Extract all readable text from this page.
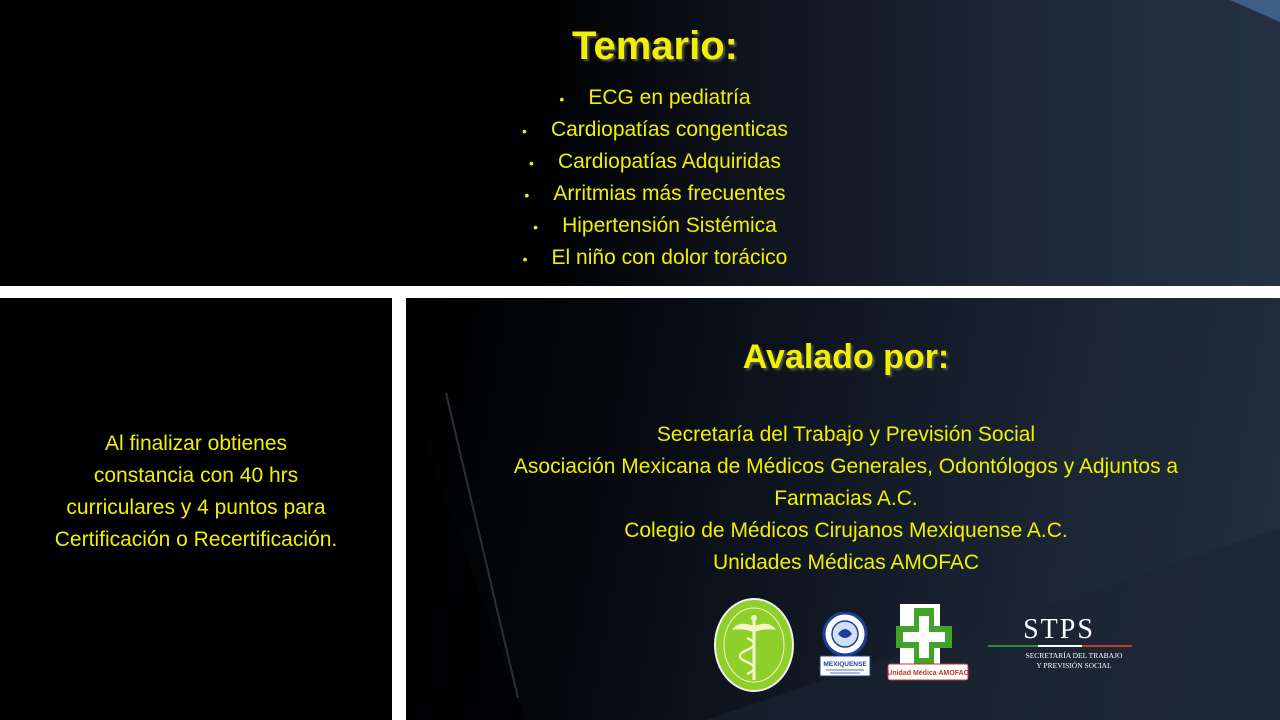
Temario:
• ECG en pediatría
• Cardiopatías congenticas
• Cardiopatías Adquiridas
• Arritmias más frecuentes
• Hipertensión Sistémica
• El niño con dolor torácico
Al finalizar obtienes
constancia con 40 hrs
curriculares y 4 puntos para
Certificación o Recertificación.
Avalado por:
Secretaría del Trabajo y Previsión Social
Asociación Mexicana de Médicos Generales, Odontólogos y Adjuntos a
Farmacias A.C.
Colegio de Médicos Cirujanos Mexiquense A.C.
Unidades Médicas AMOFAC
MEXIQUENSE
Unidad Médica AMOFAC
STPS
SECRETARÍA DEL TRABAJO
Y PREVISIÓN SOCIAL
